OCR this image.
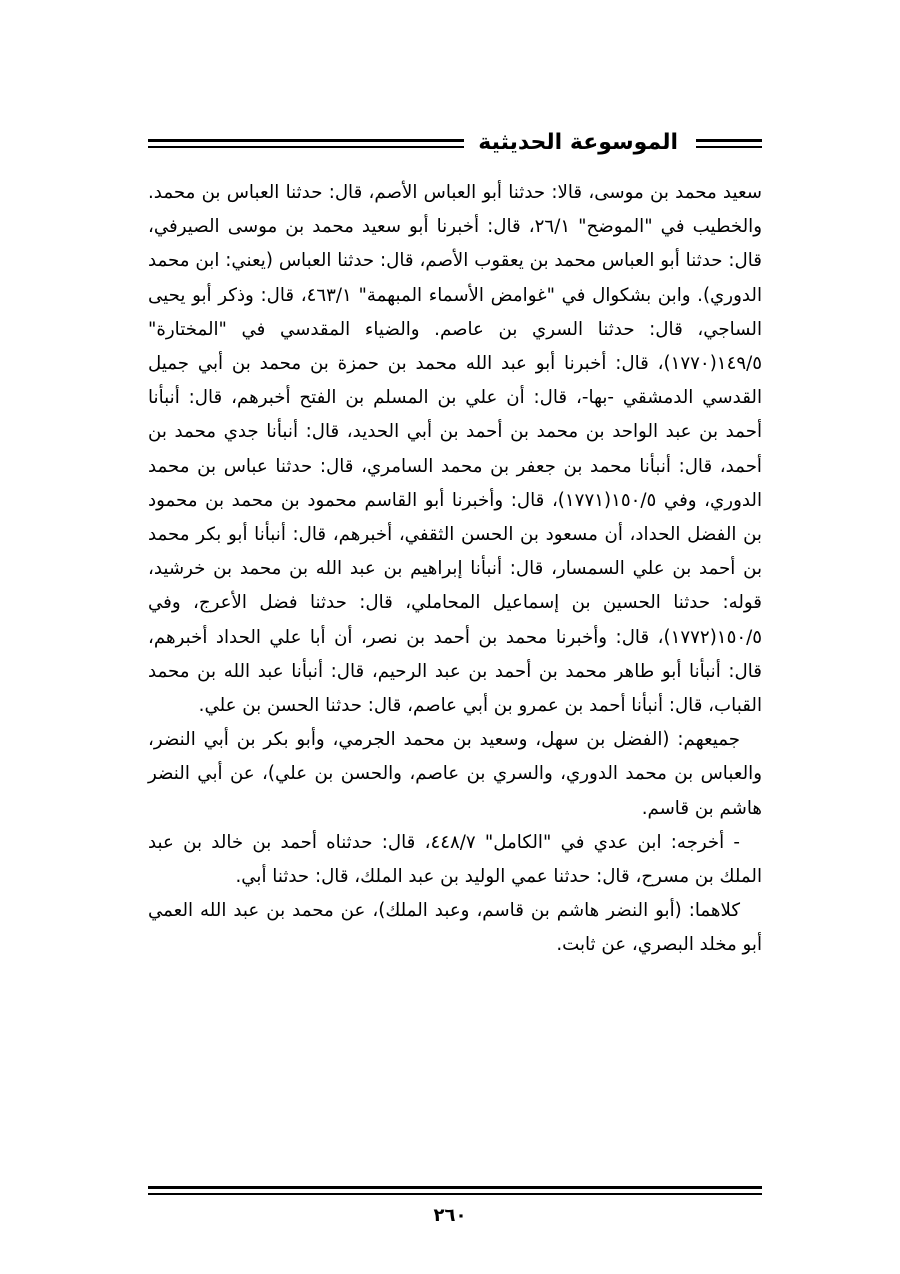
الموسوعة الحديثية

سعيد محمد بن موسى، قالا: حدثنا أبو العباس الأصم، قال: حدثنا العباس بن محمد. والخطيب في "الموضح" ٢٦/١، قال: أخبرنا أبو سعيد محمد بن موسى الصيرفي، قال: حدثنا أبو العباس محمد بن يعقوب الأصم، قال: حدثنا العباس (يعني: ابن محمد الدوري). وابن بشكوال في "غوامض الأسماء المبهمة" ٤٦٣/١، قال: وذكر أبو يحيى الساجي، قال: حدثنا السري بن عاصم. والضياء المقدسي في "المختارة" ١٤٩/٥(١٧٧٠)، قال: أخبرنا أبو عبد الله محمد بن حمزة بن محمد بن أبي جميل القدسي الدمشقي -بها-، قال: أن علي بن المسلم بن الفتح أخبرهم، قال: أنبأنا أحمد بن عبد الواحد بن محمد بن أحمد بن أبي الحديد، قال: أنبأنا جدي محمد بن أحمد، قال: أنبأنا محمد بن جعفر بن محمد السامري، قال: حدثنا عباس بن محمد الدوري، وفي ١٥٠/٥(١٧٧١)، قال: وأخبرنا أبو القاسم محمود بن محمد بن محمود بن الفضل الحداد، أن مسعود بن الحسن الثقفي، أخبرهم، قال: أنبأنا أبو بكر محمد بن أحمد بن علي السمسار، قال: أنبأنا إبراهيم بن عبد الله بن محمد بن خرشيد، قوله: حدثنا الحسين بن إسماعيل المحاملي، قال: حدثنا فضل الأعرج، وفي ١٥٠/٥(١٧٧٢)، قال: وأخبرنا محمد بن أحمد بن نصر، أن أبا علي الحداد أخبرهم، قال: أنبأنا أبو طاهر محمد بن أحمد بن عبد الرحيم، قال: أنبأنا عبد الله بن محمد القباب، قال: أنبأنا أحمد بن عمرو بن أبي عاصم، قال: حدثنا الحسن بن علي.

جميعهم: (الفضل بن سهل، وسعيد بن محمد الجرمي، وأبو بكر بن أبي النضر، والعباس بن محمد الدوري، والسري بن عاصم، والحسن بن علي)، عن أبي النضر هاشم بن قاسم.

- أخرجه: ابن عدي في "الكامل" ٤٤٨/٧، قال: حدثناه أحمد بن خالد بن عبد الملك بن مسرح، قال: حدثنا عمي الوليد بن عبد الملك، قال: حدثنا أبي.

كلاهما: (أبو النضر هاشم بن قاسم، وعبد الملك)، عن محمد بن عبد الله العمي أبو مخلد البصري، عن ثابت.

٢٦٠
